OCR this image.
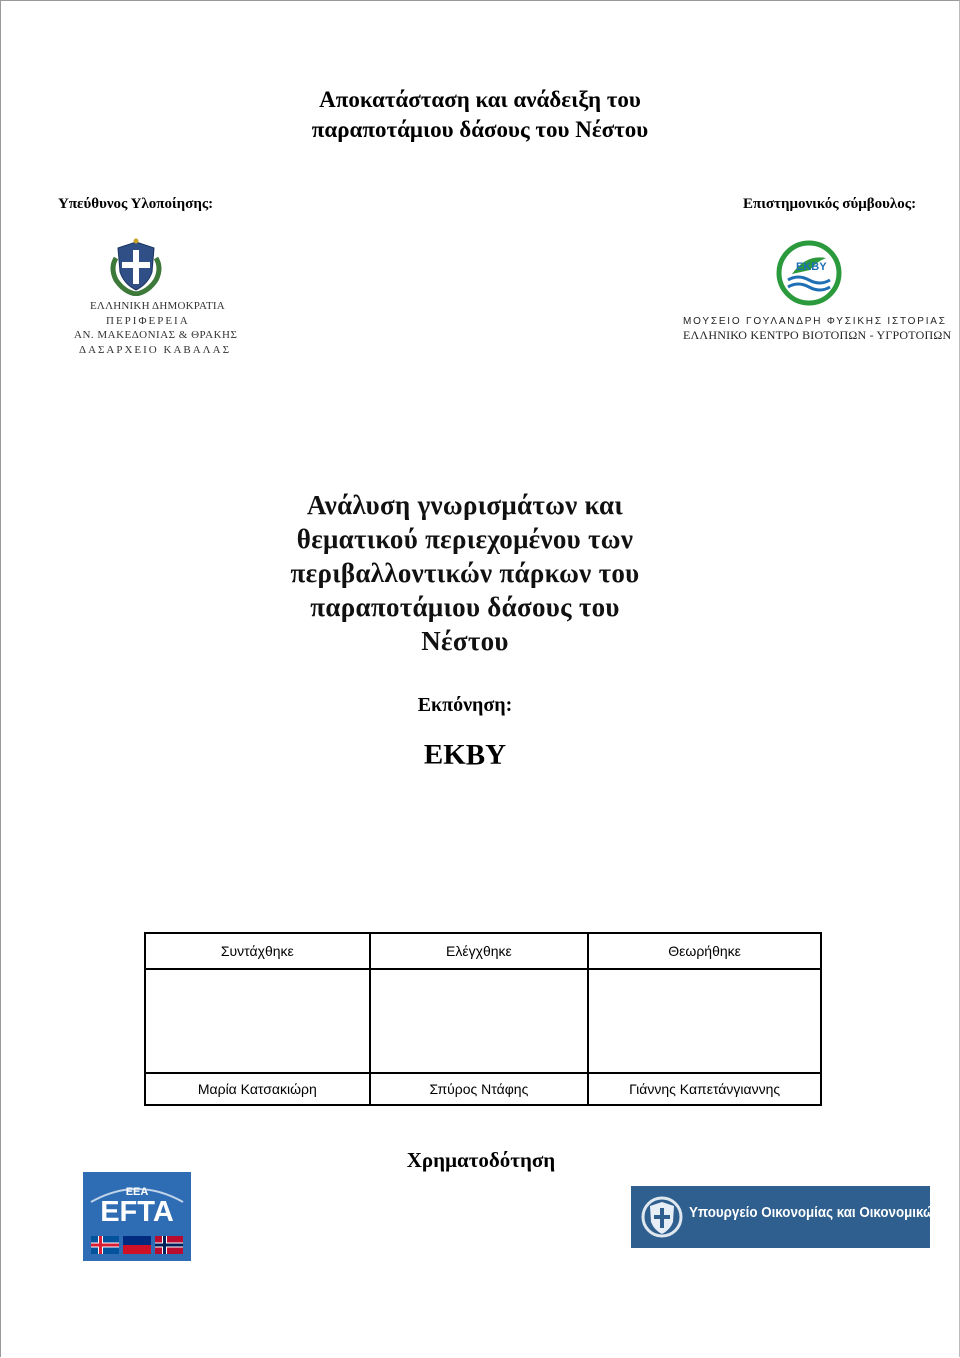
Αποκατάσταση και ανάδειξη του
παραποτάμιου δάσους του Νέστου
Υπεύθυνος Υλοποίησης:
ΕΛΛΗΝΙΚΗ ΔΗΜΟΚΡΑΤΙΑ
ΠΕΡΙΦΕΡΕΙΑ
ΑΝ. ΜΑΚΕΔΟΝΙΑΣ & ΘΡΑΚΗΣ
ΔΑΣΑΡΧΕΙΟ ΚΑΒΑΛΑΣ
Επιστημονικός σύμβουλος:
EKBY
ΜΟΥΣΕΙΟ ΓΟΥΛΑΝΔΡΗ ΦΥΣΙΚΗΣ ΙΣΤΟΡΙΑΣ
ΕΛΛΗΝΙΚΟ ΚΕΝΤΡΟ ΒΙΟΤΟΠΩΝ - ΥΓΡΟΤΟΠΩΝ
Ανάλυση γνωρισμάτων και
θεματικού περιεχομένου των
περιβαλλοντικών πάρκων του
παραποτάμιου δάσους του
Νέστου
Εκπόνηση:
ΕΚΒΥ
Συντάχθηκε	Ελέγχθηκε	Θεωρήθηκε

Μαρία Κατσακιώρη	Σπύρος Ντάφης	Γιάννης Καπετάνγιαννης
Χρηματοδότηση
EEA
EFTA	Υπουργείο Οικονομίας και Οικονομικών
